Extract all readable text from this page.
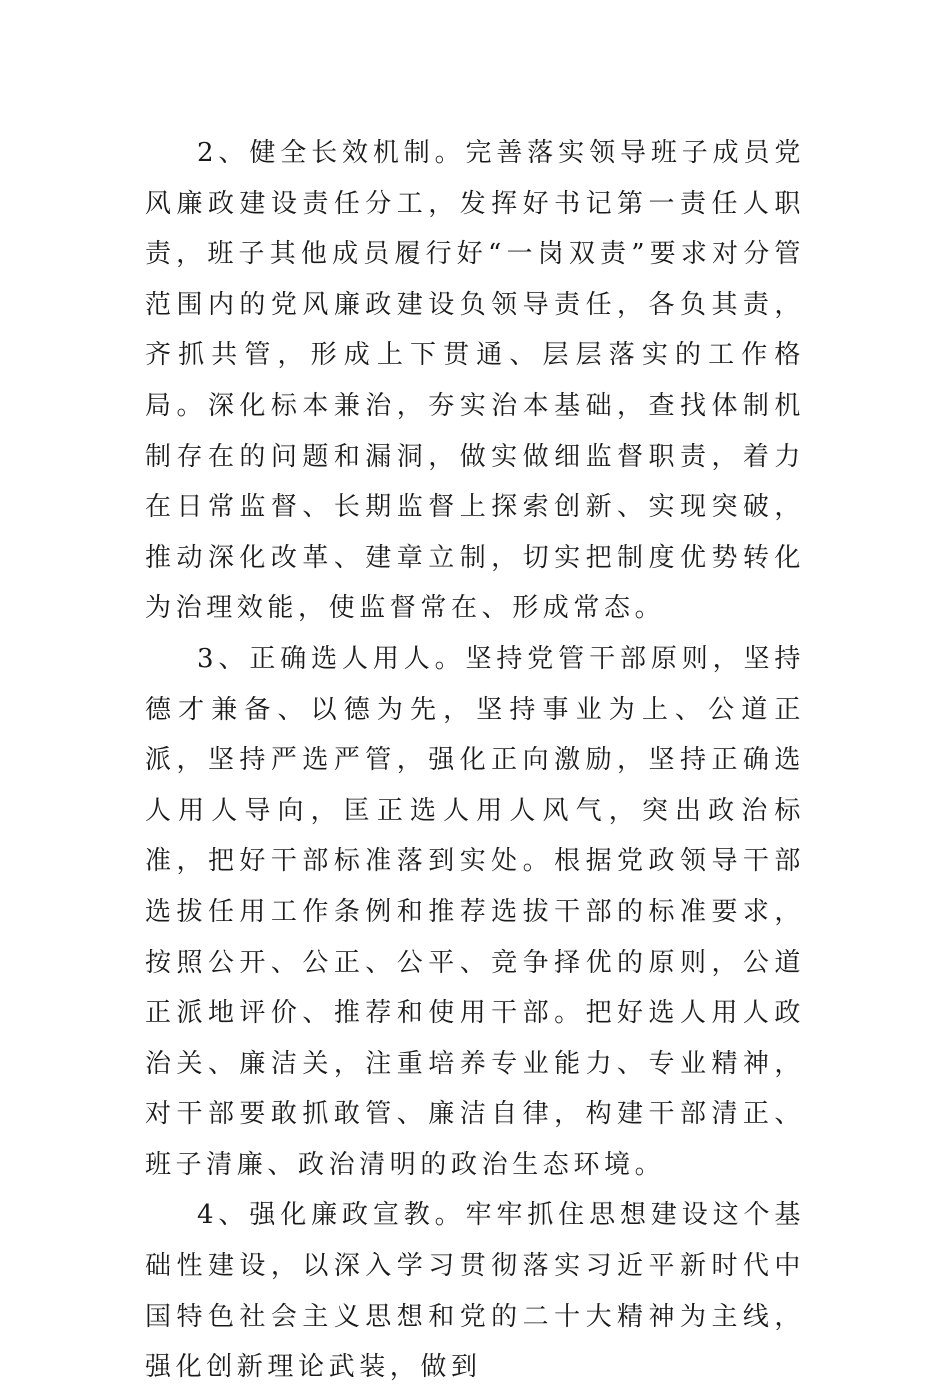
2、健全长效机制。完善落实领导班子成员党风廉政建设责任分工，发挥好书记第一责任人职责，班子其他成员履行好“一岗双责”要求对分管范围内的党风廉政建设负领导责任，各负其责，齐抓共管，形成上下贯通、层层落实的工作格局。深化标本兼治，夯实治本基础，查找体制机制存在的问题和漏洞，做实做细监督职责，着力在日常监督、长期监督上探索创新、实现突破，推动深化改革、建章立制，切实把制度优势转化为治理效能，使监督常在、形成常态。

3、正确选人用人。坚持党管干部原则，坚持德才兼备、以德为先，坚持事业为上、公道正派，坚持严选严管，强化正向激励，坚持正确选人用人导向，匡正选人用人风气，突出政治标准，把好干部标准落到实处。根据党政领导干部选拔任用工作条例和推荐选拔干部的标准要求，按照公开、公正、公平、竞争择优的原则，公道正派地评价、推荐和使用干部。把好选人用人政治关、廉洁关，注重培养专业能力、专业精神，对干部要敢抓敢管、廉洁自律，构建干部清正、班子清廉、政治清明的政治生态环境。

4、强化廉政宣教。牢牢抓住思想建设这个基础性建设，以深入学习贯彻落实习近平新时代中国特色社会主义思想和党的二十大精神为主线，强化创新理论武装，做到
